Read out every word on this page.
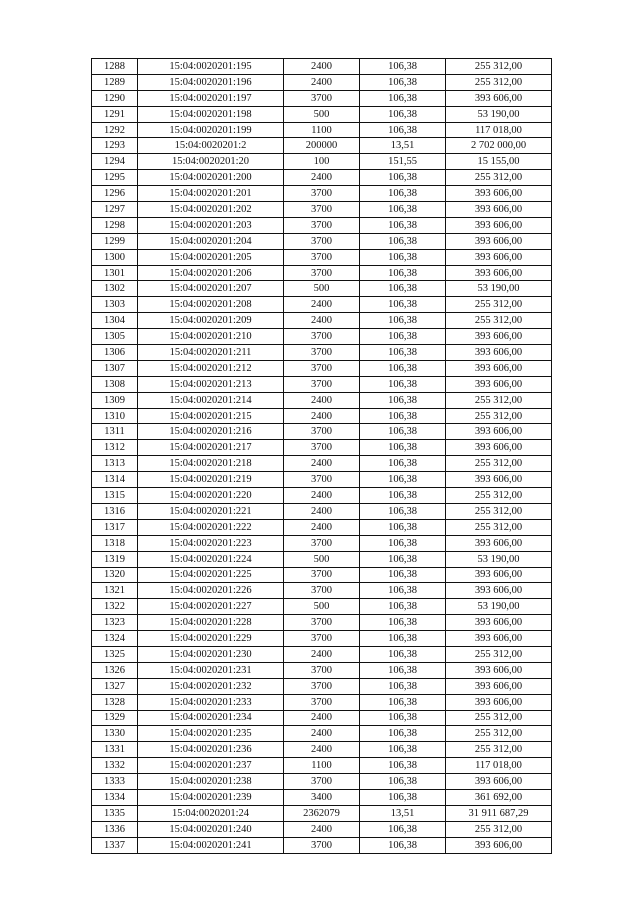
1288	15:04:0020201:195	2400	106,38	255 312,00
1289	15:04:0020201:196	2400	106,38	255 312,00
1290	15:04:0020201:197	3700	106,38	393 606,00
1291	15:04:0020201:198	500	106,38	53 190,00
1292	15:04:0020201:199	1100	106,38	117 018,00
1293	15:04:0020201:2	200000	13,51	2 702 000,00
1294	15:04:0020201:20	100	151,55	15 155,00
1295	15:04:0020201:200	2400	106,38	255 312,00
1296	15:04:0020201:201	3700	106,38	393 606,00
1297	15:04:0020201:202	3700	106,38	393 606,00
1298	15:04:0020201:203	3700	106,38	393 606,00
1299	15:04:0020201:204	3700	106,38	393 606,00
1300	15:04:0020201:205	3700	106,38	393 606,00
1301	15:04:0020201:206	3700	106,38	393 606,00
1302	15:04:0020201:207	500	106,38	53 190,00
1303	15:04:0020201:208	2400	106,38	255 312,00
1304	15:04:0020201:209	2400	106,38	255 312,00
1305	15:04:0020201:210	3700	106,38	393 606,00
1306	15:04:0020201:211	3700	106,38	393 606,00
1307	15:04:0020201:212	3700	106,38	393 606,00
1308	15:04:0020201:213	3700	106,38	393 606,00
1309	15:04:0020201:214	2400	106,38	255 312,00
1310	15:04:0020201:215	2400	106,38	255 312,00
1311	15:04:0020201:216	3700	106,38	393 606,00
1312	15:04:0020201:217	3700	106,38	393 606,00
1313	15:04:0020201:218	2400	106,38	255 312,00
1314	15:04:0020201:219	3700	106,38	393 606,00
1315	15:04:0020201:220	2400	106,38	255 312,00
1316	15:04:0020201:221	2400	106,38	255 312,00
1317	15:04:0020201:222	2400	106,38	255 312,00
1318	15:04:0020201:223	3700	106,38	393 606,00
1319	15:04:0020201:224	500	106,38	53 190,00
1320	15:04:0020201:225	3700	106,38	393 606,00
1321	15:04:0020201:226	3700	106,38	393 606,00
1322	15:04:0020201:227	500	106,38	53 190,00
1323	15:04:0020201:228	3700	106,38	393 606,00
1324	15:04:0020201:229	3700	106,38	393 606,00
1325	15:04:0020201:230	2400	106,38	255 312,00
1326	15:04:0020201:231	3700	106,38	393 606,00
1327	15:04:0020201:232	3700	106,38	393 606,00
1328	15:04:0020201:233	3700	106,38	393 606,00
1329	15:04:0020201:234	2400	106,38	255 312,00
1330	15:04:0020201:235	2400	106,38	255 312,00
1331	15:04:0020201:236	2400	106,38	255 312,00
1332	15:04:0020201:237	1100	106,38	117 018,00
1333	15:04:0020201:238	3700	106,38	393 606,00
1334	15:04:0020201:239	3400	106,38	361 692,00
1335	15:04:0020201:24	2362079	13,51	31 911 687,29
1336	15:04:0020201:240	2400	106,38	255 312,00
1337	15:04:0020201:241	3700	106,38	393 606,00
